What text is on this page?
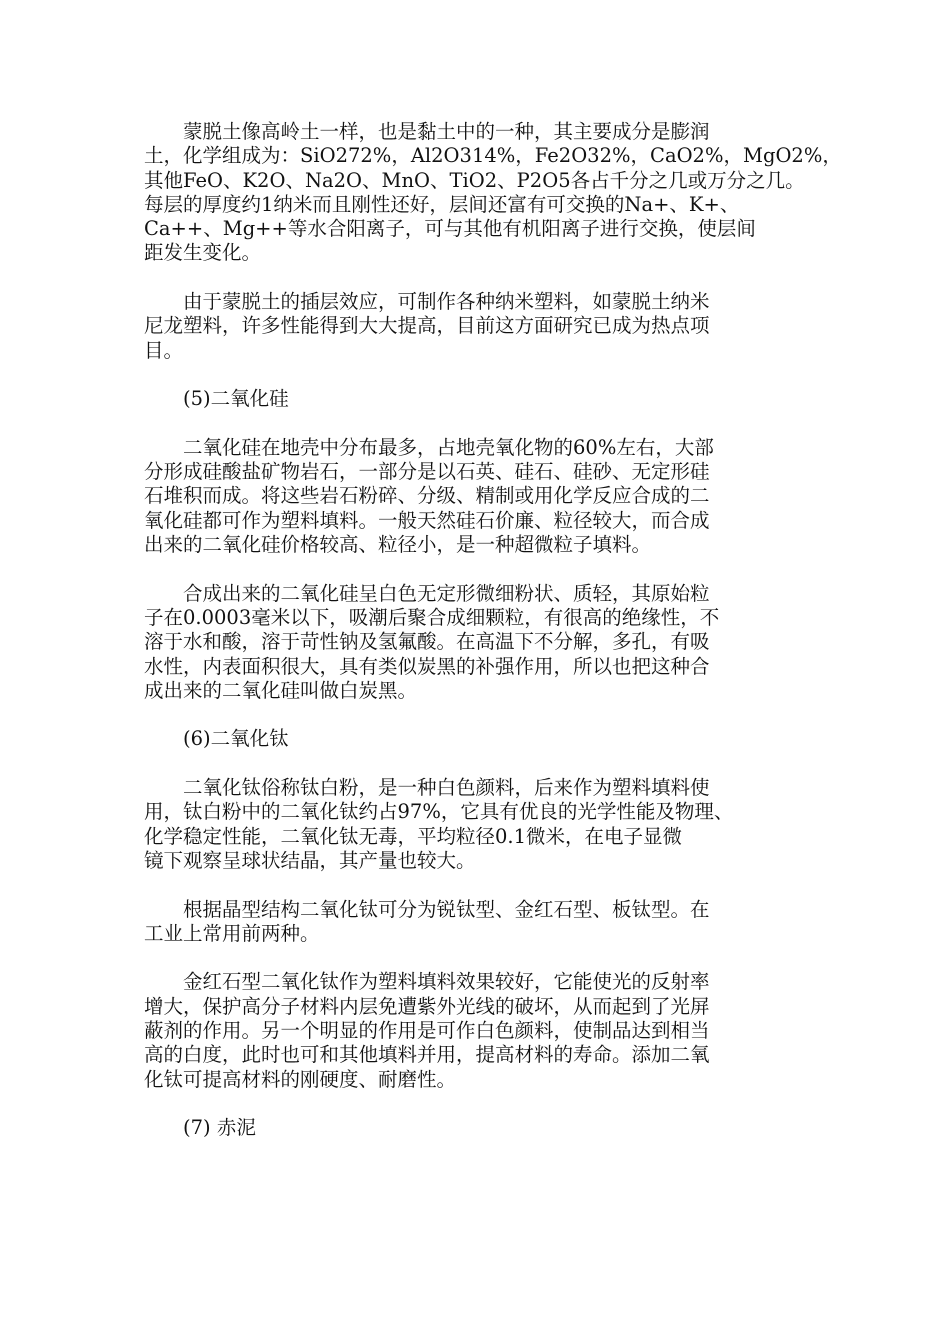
蒙脱土像高岭土一样，也是黏土中的一种，其主要成分是膨润
土，化学组成为：SiO272%，Al2O314%，Fe2O32%，CaO2%，MgO2%，
其他FeO、K2O、Na2O、MnO、TiO2、P2O5各占千分之几或万分之几。
每层的厚度约1纳米而且刚性还好，层间还富有可交换的Na+、K+、
Ca++、Mg++等水合阳离子，可与其他有机阳离子进行交换，使层间
距发生变化。
由于蒙脱土的插层效应，可制作各种纳米塑料，如蒙脱土纳米
尼龙塑料，许多性能得到大大提高，目前这方面研究已成为热点项
目。
(5)二氧化硅
二氧化硅在地壳中分布最多，占地壳氧化物的60%左右，大部
分形成硅酸盐矿物岩石，一部分是以石英、硅石、硅砂、无定形硅
石堆积而成。将这些岩石粉碎、分级、精制或用化学反应合成的二
氧化硅都可作为塑料填料。一般天然硅石价廉、粒径较大，而合成
出来的二氧化硅价格较高、粒径小，是一种超微粒子填料。
合成出来的二氧化硅呈白色无定形微细粉状、质轻，其原始粒
子在0.0003毫米以下，吸潮后聚合成细颗粒，有很高的绝缘性，不
溶于水和酸，溶于苛性钠及氢氟酸。在高温下不分解，多孔，有吸
水性，内表面积很大，具有类似炭黑的补强作用，所以也把这种合
成出来的二氧化硅叫做白炭黑。
(6)二氧化钛
二氧化钛俗称钛白粉，是一种白色颜料，后来作为塑料填料使
用，钛白粉中的二氧化钛约占97%，它具有优良的光学性能及物理、
化学稳定性能，二氧化钛无毒，平均粒径0.1微米，在电子显微
镜下观察呈球状结晶，其产量也较大。
根据晶型结构二氧化钛可分为锐钛型、金红石型、板钛型。在
工业上常用前两种。
金红石型二氧化钛作为塑料填料效果较好，它能使光的反射率
增大，保护高分子材料内层免遭紫外光线的破坏，从而起到了光屏
蔽剂的作用。另一个明显的作用是可作白色颜料，使制品达到相当
高的白度，此时也可和其他填料并用，提高材料的寿命。添加二氧
化钛可提高材料的刚硬度、耐磨性。
(7) 赤泥
